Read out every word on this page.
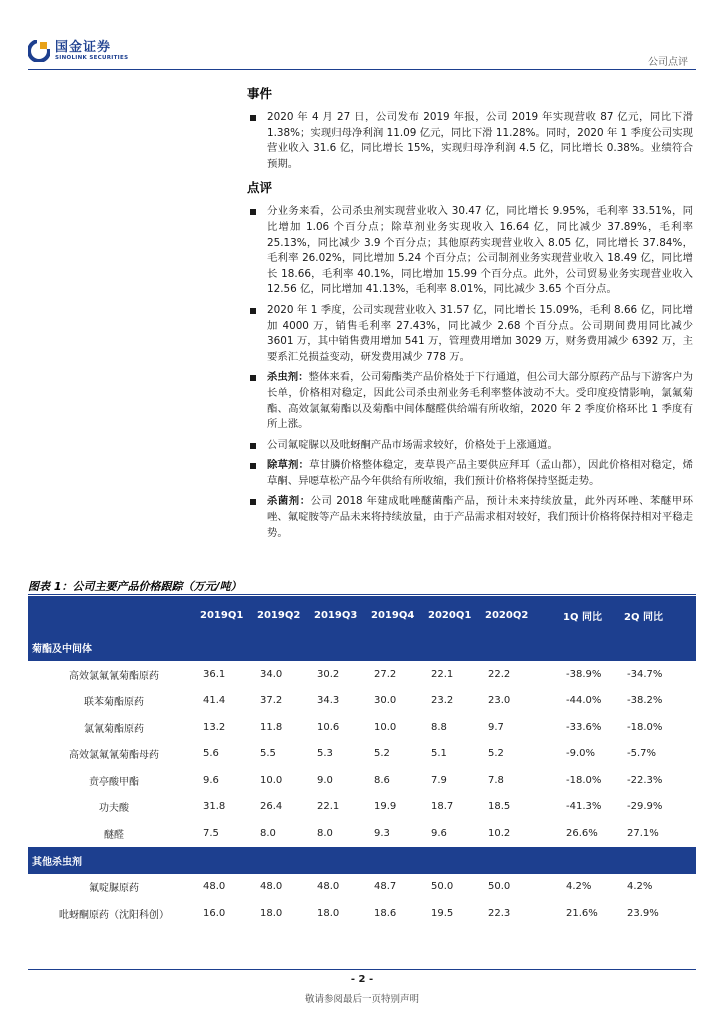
国金证券
SINOLINK SECURITIES	公司点评
事件
2020 年 4 月 27 日，公司发布 2019 年报，公司 2019 年实现营收 87 亿元，同比下滑 1.38%；实现归母净利润 11.09 亿元，同比下滑 11.28%。同时，2020 年 1 季度公司实现营业收入 31.6 亿，同比增长 15%，实现归母净利润 4.5 亿，同比增长 0.38%。业绩符合预期。
点评
分业务来看，公司杀虫剂实现营业收入 30.47 亿，同比增长 9.95%，毛利率 33.51%，同比增加 1.06 个百分点；除草剂业务实现收入 16.64 亿，同比减少 37.89%，毛利率 25.13%，同比减少 3.9 个百分点；其他原药实现营业收入 8.05 亿，同比增长 37.84%，毛利率 26.02%，同比增加 5.24 个百分点；公司制剂业务实现营业收入 18.49 亿，同比增长 18.66，毛利率 40.1%，同比增加 15.99 个百分点。此外，公司贸易业务实现营业收入 12.56 亿，同比增加 41.13%，毛利率 8.01%，同比减少 3.65 个百分点。
2020 年 1 季度，公司实现营业收入 31.57 亿，同比增长 15.09%，毛利 8.66 亿，同比增加 4000 万，销售毛利率 27.43%，同比减少 2.68 个百分点。公司期间费用同比减少 3601 万，其中销售费用增加 541 万，管理费用增加 3029 万，财务费用减少 6392 万，主要系汇兑损益变动，研发费用减少 778 万。
杀虫剂：整体来看，公司菊酯类产品价格处于下行通道，但公司大部分原药产品与下游客户为长单，价格相对稳定，因此公司杀虫剂业务毛利率整体波动不大。受印度疫情影响，氯氟菊酯、高效氯氟菊酯以及菊酯中间体醚醛供给端有所收缩，2020 年 2 季度价格环比 1 季度有所上涨。
公司氟啶脲以及吡蚜酮产品市场需求较好，价格处于上涨通道。
除草剂：草甘膦价格整体稳定，麦草畏产品主要供应拜耳（孟山都），因此价格相对稳定，烯草酮、异噁草松产品今年供给有所收缩，我们预计价格将保持坚挺走势。
杀菌剂：公司 2018 年建成吡唑醚菌酯产品，预计未来持续放量，此外丙环唑、苯醚甲环唑、氟啶胺等产品未来将持续放量，由于产品需求相对较好，我们预计价格将保持相对平稳走势。
图表 1：公司主要产品价格跟踪（万元/吨）
	2019Q1	2019Q2	2019Q3	2019Q4	2020Q1	2020Q2	1Q 同比	2Q 同比
菊酯及中间体								
高效氯氟氰菊酯原药	36.1	34.0	30.2	27.2	22.1	22.2	-38.9%	-34.7%
联苯菊酯原药	41.4	37.2	34.3	30.0	23.2	23.0	-44.0%	-38.2%
氯氰菊酯原药	13.2	11.8	10.6	10.0	8.8	9.7	-33.6%	-18.0%
高效氯氟氰菊酯母药	5.6	5.5	5.3	5.2	5.1	5.2	-9.0%	-5.7%
贲亭酸甲酯	9.6	10.0	9.0	8.6	7.9	7.8	-18.0%	-22.3%
功夫酸	31.8	26.4	22.1	19.9	18.7	18.5	-41.3%	-29.9%
醚醛	7.5	8.0	8.0	9.3	9.6	10.2	26.6%	27.1%
其他杀虫剂								
氟啶脲原药	48.0	48.0	48.0	48.7	50.0	50.0	4.2%	4.2%
吡蚜酮原药（沈阳科创）	16.0	18.0	18.0	18.6	19.5	22.3	21.6%	23.9%
- 2 -
敬请参阅最后一页特别声明
